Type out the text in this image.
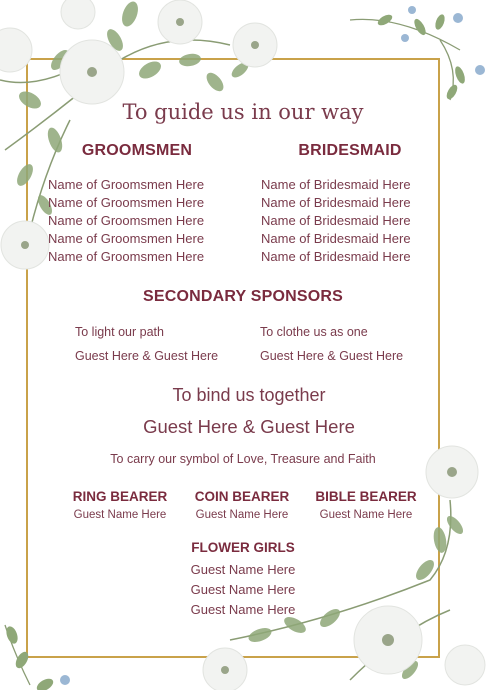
To guide us in our way
GROOMSMEN
Name of Groomsmen Here
Name of Groomsmen Here
Name of Groomsmen Here
Name of Groomsmen Here
Name of Groomsmen Here
BRIDESMAID
Name of Bridesmaid Here
Name of Bridesmaid Here
Name of Bridesmaid Here
Name of Bridesmaid Here
Name of Bridesmaid Here
SECONDARY SPONSORS
To light our path
Guest Here & Guest Here
To clothe us as one
Guest Here & Guest Here
To bind us together
Guest Here & Guest Here
To carry our symbol of Love, Treasure and Faith
RING BEARER
Guest Name Here
COIN BEARER
Guest Name Here
BIBLE BEARER
Guest Name Here
FLOWER GIRLS
Guest Name Here
Guest Name Here
Guest Name Here
